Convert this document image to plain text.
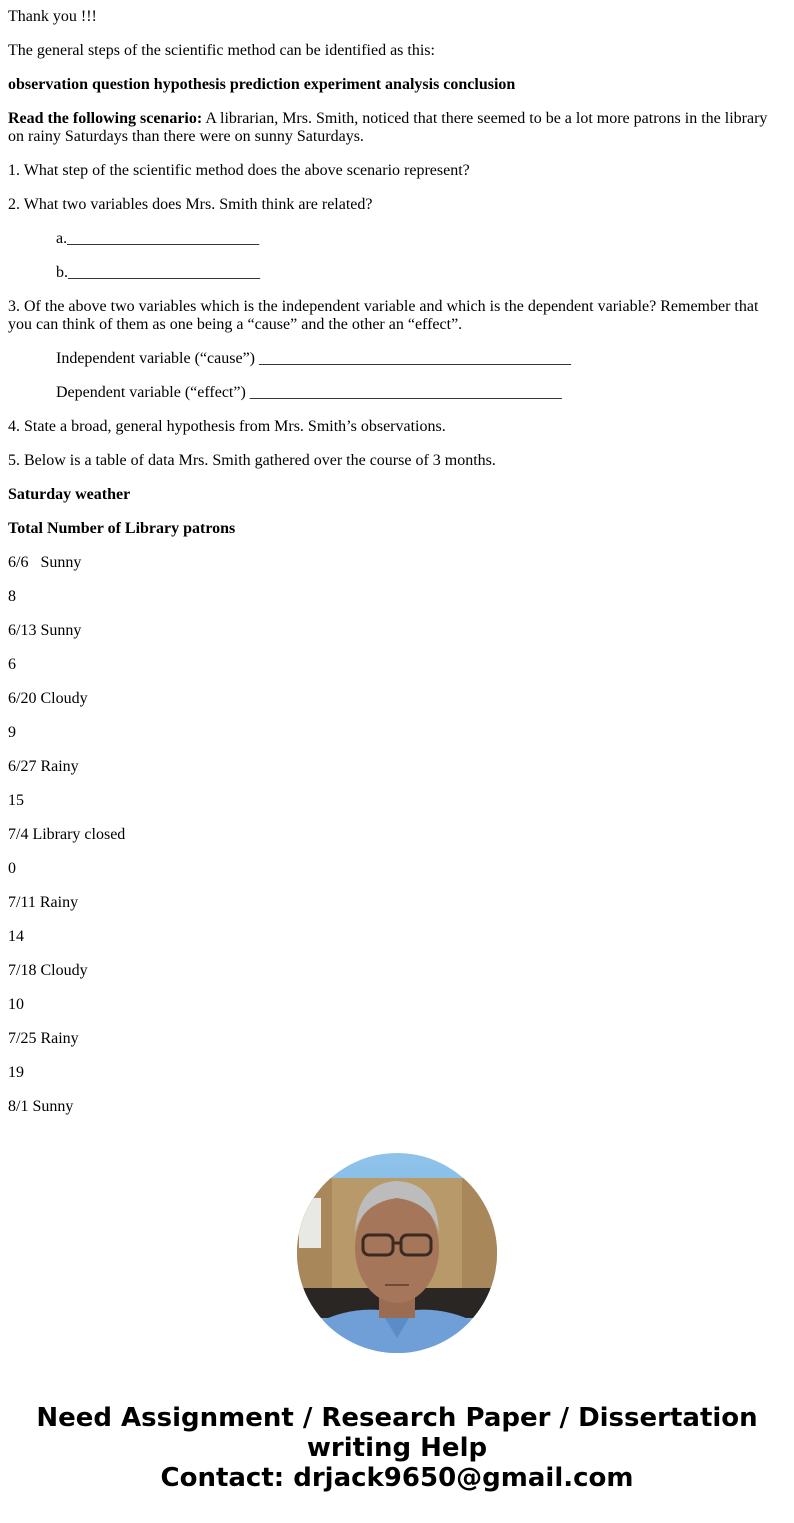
Thank you !!!

The general steps of the scientific method can be identified as this:

observation question hypothesis prediction experiment analysis conclusion

Read the following scenario: A librarian, Mrs. Smith, noticed that there seemed to be a lot more patrons in the library on rainy Saturdays than there were on sunny Saturdays.

1. What step of the scientific method does the above scenario represent?

2. What two variables does Mrs. Smith think are related?

a.________________________

b.________________________

3. Of the above two variables which is the independent variable and which is the dependent variable? Remember that you can think of them as one being a “cause” and the other an “effect”.

Independent variable (“cause”) _______________________________________

Dependent variable (“effect”) _______________________________________

4. State a broad, general hypothesis from Mrs. Smith’s observations.

5. Below is a table of data Mrs. Smith gathered over the course of 3 months.

Saturday weather

Total Number of Library patrons

6/6   Sunny

8

6/13 Sunny

6

6/20 Cloudy

9

6/27 Rainy

15

7/4 Library closed

0

7/11 Rainy

14

7/18 Cloudy

10

7/25 Rainy

19

8/1 Sunny

Need Assignment / Research Paper / Dissertation
writing Help
Contact: drjack9650@gmail.com
